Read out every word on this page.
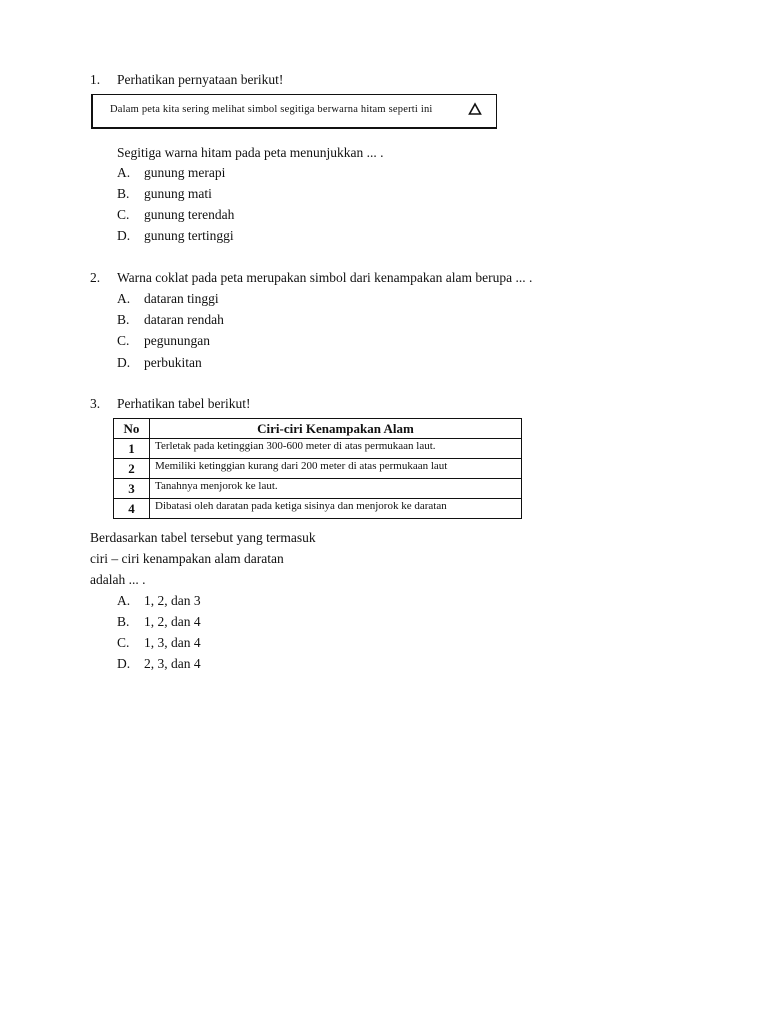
1. Perhatikan pernyataan berikut!
Dalam peta kita sering melihat simbol segitiga berwarna hitam seperti ini
Segitiga warna hitam pada peta menunjukkan ... .
A. gunung merapi
B. gunung mati
C. gunung terendah
D. gunung tertinggi
2. Warna coklat pada peta merupakan simbol dari kenampakan alam berupa ... .
A. dataran tinggi
B. dataran rendah
C. pegunungan
D. perbukitan
3. Perhatikan tabel berikut!
No	Ciri-ciri Kenampakan Alam
1	Terletak pada ketinggian 300-600 meter di atas permukaan laut.
2	Memiliki ketinggian kurang dari 200 meter di atas permukaan laut
3	Tanahnya menjorok ke laut.
4	Dibatasi oleh daratan pada ketiga sisinya dan menjorok ke daratan
Berdasarkan tabel tersebut yang termasuk
ciri – ciri kenampakan alam daratan
adalah ... .
A. 1, 2, dan 3
B. 1, 2, dan 4
C. 1, 3, dan 4
D. 2, 3, dan 4
